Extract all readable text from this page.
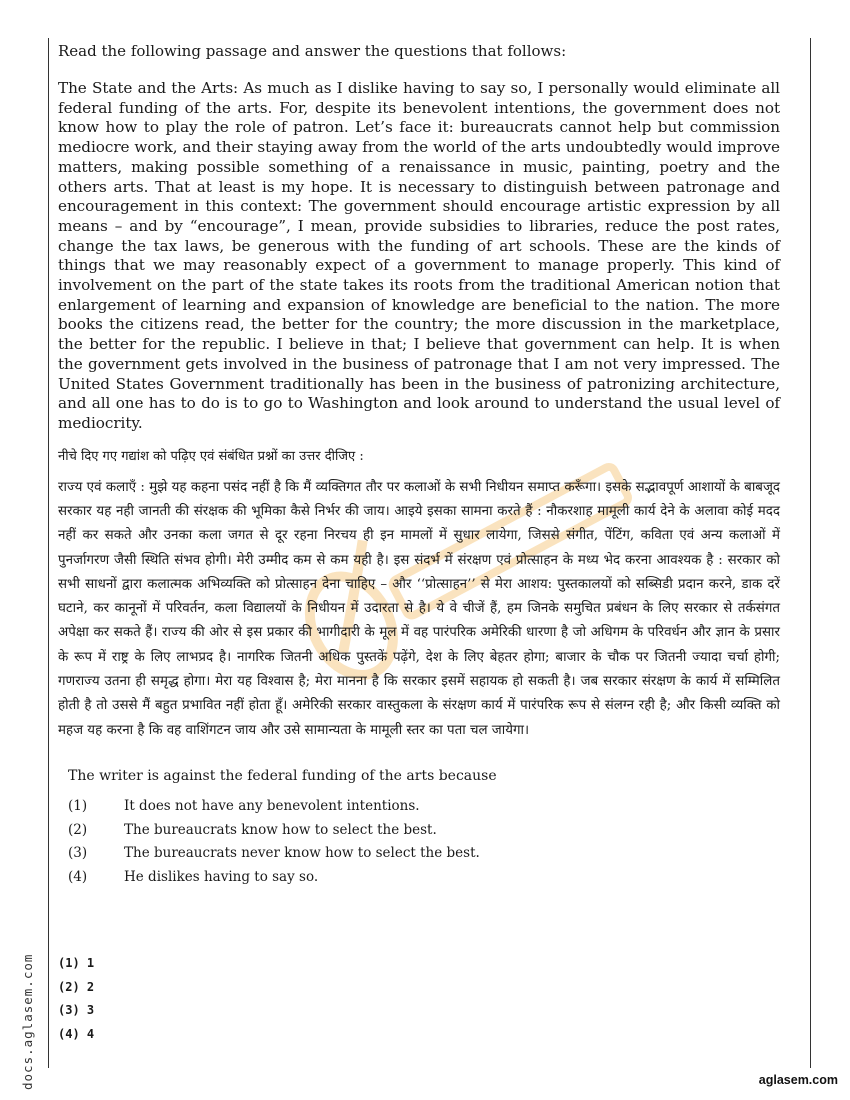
Read the following passage and answer the questions that follows:

The State and the Arts: As much as I dislike having to say so, I personally would eliminate all federal funding of the arts. For, despite its benevolent intentions, the government does not know how to play the role of patron. Let’s face it: bureaucrats cannot help but commission mediocre work, and their staying away from the world of the arts undoubtedly would improve matters, making possible something of a renaissance in music, painting, poetry and the others arts. That at least is my hope. It is necessary to distinguish between patronage and encouragement in this context: The government should encourage artistic expression by all means – and by “encourage”, I mean, provide subsidies to libraries, reduce the post rates, change the tax laws, be generous with the funding of art schools. These are the kinds of things that we may reasonably expect of a government to manage properly. This kind of involvement on the part of the state takes its roots from the traditional American notion that enlargement of learning and expansion of knowledge are beneficial to the nation. The more books the citizens read, the better for the country; the more discussion in the marketplace, the better for the republic. I believe in that; I believe that government can help. It is when the government gets involved in the business of patronage that I am not very impressed. The United States Government traditionally has been in the business of patronizing architecture, and all one has to do is to go to Washington and look around to understand the usual level of mediocrity.

नीचे दिए गए गद्यांश को पढ़िए एवं संबंधित प्रश्नों का उत्तर दीजिए :

राज्य एवं कलाएँ : मुझे यह कहना पसंद नहीं है कि मैं व्यक्तिगत तौर पर कलाओं के सभी निधीयन समाप्त करूँगा। इसके सद्भावपूर्ण आशायों के बाबजूद सरकार यह नही जानती की संरक्षक की भूमिका कैसे निर्भर की जाय। आइये इसका सामना करते हैं : नौकरशाह मामूली कार्य देने के अलावा कोई मदद नहीं कर सकते और उनका कला जगत से दूर रहना निरचय ही इन मामलों में सुधार लायेगा, जिससे संगीत, पेंटिंग, कविता एवं अन्य कलाओं में पुनर्जागरण जैसी स्थिति संभव होगी। मेरी उम्मीद कम से कम यही है। इस संदर्भ में संरक्षण एवं प्रोत्साहन के मध्य भेद करना आवश्यक है : सरकार को सभी साधनों द्वारा कलात्मक अभिव्यक्ति को प्रोत्साहन देना चाहिए – और ‘‘प्रोत्साहन’’ से मेरा आशय: पुस्तकालयों को सब्सिडी प्रदान करने, डाक दरें घटाने, कर कानूनों में परिवर्तन, कला विद्यालयों के निधीयन में उदारता से है। ये वे चीजें हैं, हम जिनके समुचित प्रबंधन के लिए सरकार से तर्कसंगत अपेक्षा कर सकते हैं। राज्य की ओर से इस प्रकार की भागीदारी के मूल में वह पारंपरिक अमेरिकी धारणा है जो अधिगम के परिवर्धन और ज्ञान के प्रसार के रूप में राष्ट्र के लिए लाभप्रद है। नागरिक जितनी अधिक पुस्तकें पढ़ेंगे, देश के लिए बेहतर होगा; बाजार के चौक पर जितनी ज्यादा चर्चा होगी; गणराज्य उतना ही समृद्ध होगा। मेरा यह विश्वास है; मेरा मानना है कि सरकार इसमें सहायक हो सकती है। जब सरकार संरक्षण के कार्य में सम्मिलित होती है तो उससे मैं बहुत प्रभावित नहीं होता हूँ। अमेरिकी सरकार वास्तुकला के संरक्षण कार्य में पारंपरिक रूप से संलग्न रही है; और किसी व्यक्ति को महज यह करना है कि वह वाशिंगटन जाय और उसे सामान्यता के मामूली स्तर का पता चल जायेगा।

The writer is against the federal funding of the arts because

(1)	It does not have any benevolent intentions.
(2)	The bureaucrats know how to select the best.
(3)	The bureaucrats never know how to select the best.
(4)	He dislikes having to say so.
(1) 1
(2) 2
(3) 3
(4) 4
docs.aglasem.com	aglasem.com
